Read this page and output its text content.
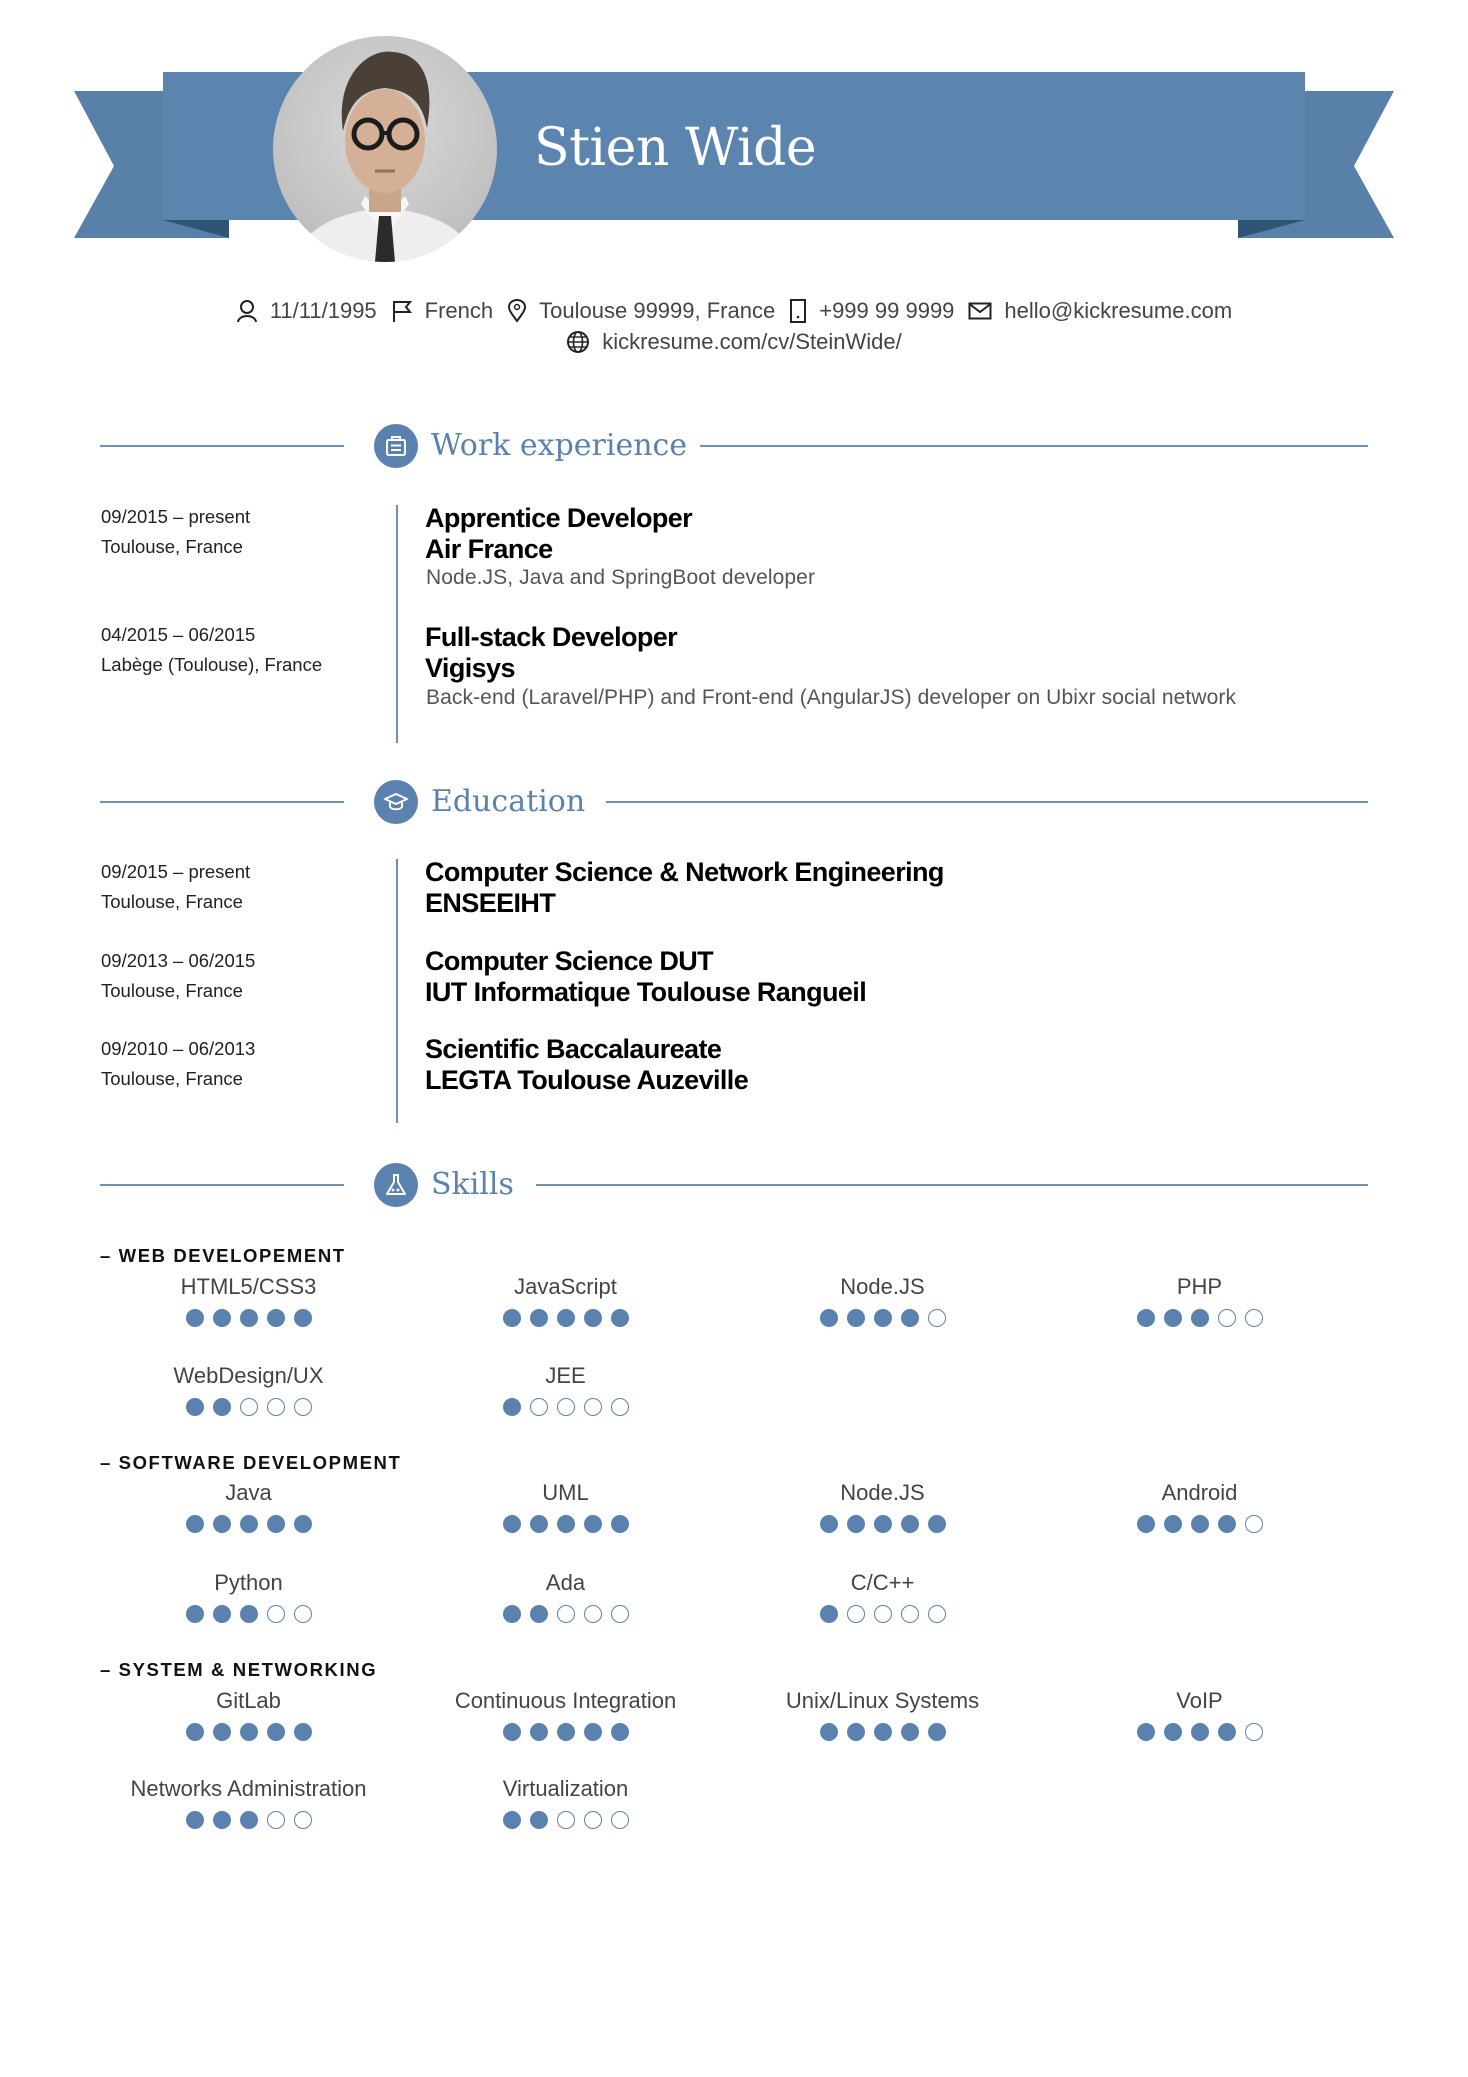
Stien Wide
11/11/1995 French Toulouse 99999, France +999 99 9999 hello@kickresume.com
kickresume.com/cv/SteinWide/
Work experience
09/2015 – present
Toulouse, France
Apprentice Developer
Air France
Node.JS, Java and SpringBoot developer
04/2015 – 06/2015
Labège (Toulouse), France
Full-stack Developer
Vigisys
Back-end (Laravel/PHP) and Front-end (AngularJS) developer on Ubixr social network
Education
09/2015 – present
Toulouse, France
Computer Science & Network Engineering
ENSEEIHT
09/2013 – 06/2015
Toulouse, France
Computer Science DUT
IUT Informatique Toulouse Rangueil
09/2010 – 06/2013
Toulouse, France
Scientific Baccalaureate
LEGTA Toulouse Auzeville
Skills
– WEB DEVELOPEMENT
HTML5/CSS3	JavaScript	Node.JS	PHP
WebDesign/UX	JEE
– SOFTWARE DEVELOPMENT
Java	UML	Node.JS	Android
Python	Ada	C/C++
– SYSTEM & NETWORKING
GitLab	Continuous Integration	Unix/Linux Systems	VoIP
Networks Administration	Virtualization
